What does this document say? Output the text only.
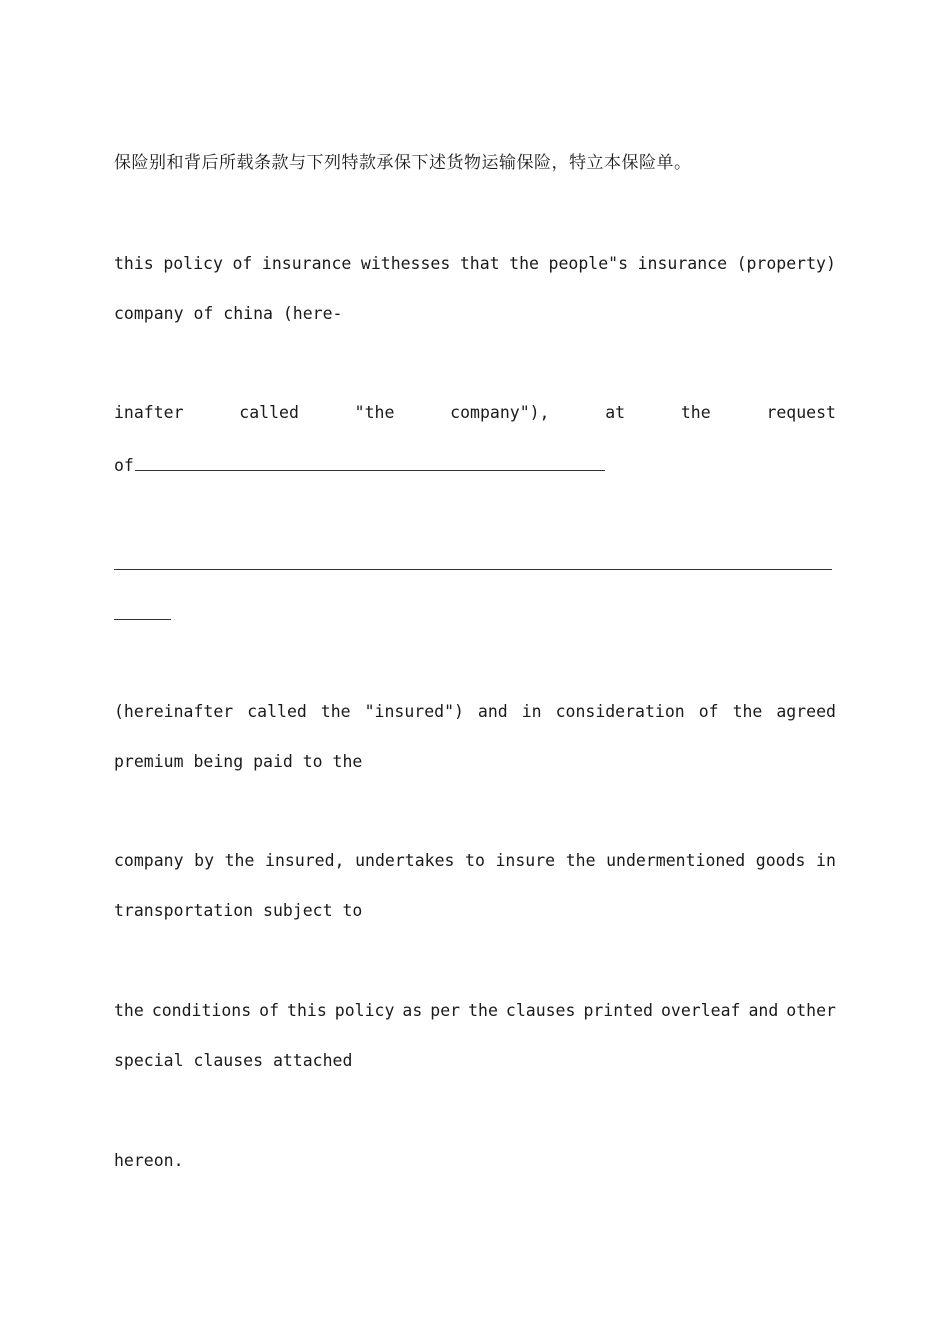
保险别和背后所载条款与下列特款承保下述货物运输保险，特立本保险单。
this policy of insurance withesses that the people"s insurance (property)
company of china (here-
inafter	called	"the	company"),	at	the	request
of
(hereinafter called the "insured") and in consideration of the agreed
premium being paid to the
company by the insured, undertakes to insure the undermentioned goods in
transportation subject to
the conditions of this policy as per the clauses printed overleaf and other
special clauses attached
hereon.
